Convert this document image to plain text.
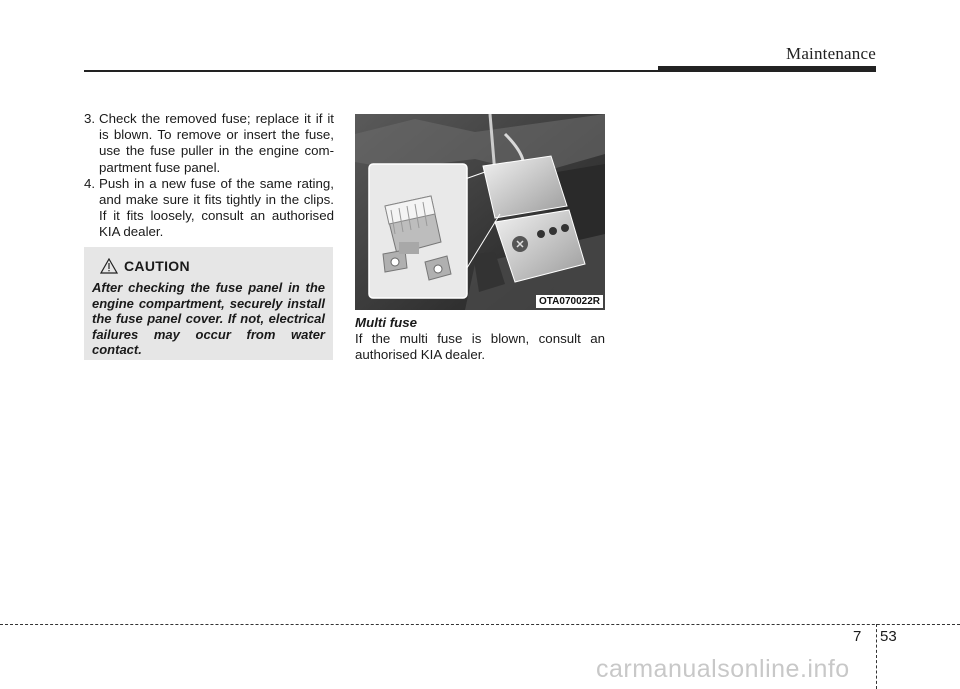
Maintenance
3. Check the removed fuse; replace it if it is blown. To remove or insert the fuse, use the fuse puller in the engine com-partment fuse panel.
4. Push in a new fuse of the same rating, and make sure it fits tightly in the clips. If it fits loosely, consult an authorised KIA dealer.
CAUTION
After checking the fuse panel in the engine compartment, securely install the fuse panel cover. If not, electrical failures may occur from water contact.
OTA070022R
Multi fuse
If the multi fuse is blown, consult an authorised KIA dealer.
7 53
carmanualsonline.info
